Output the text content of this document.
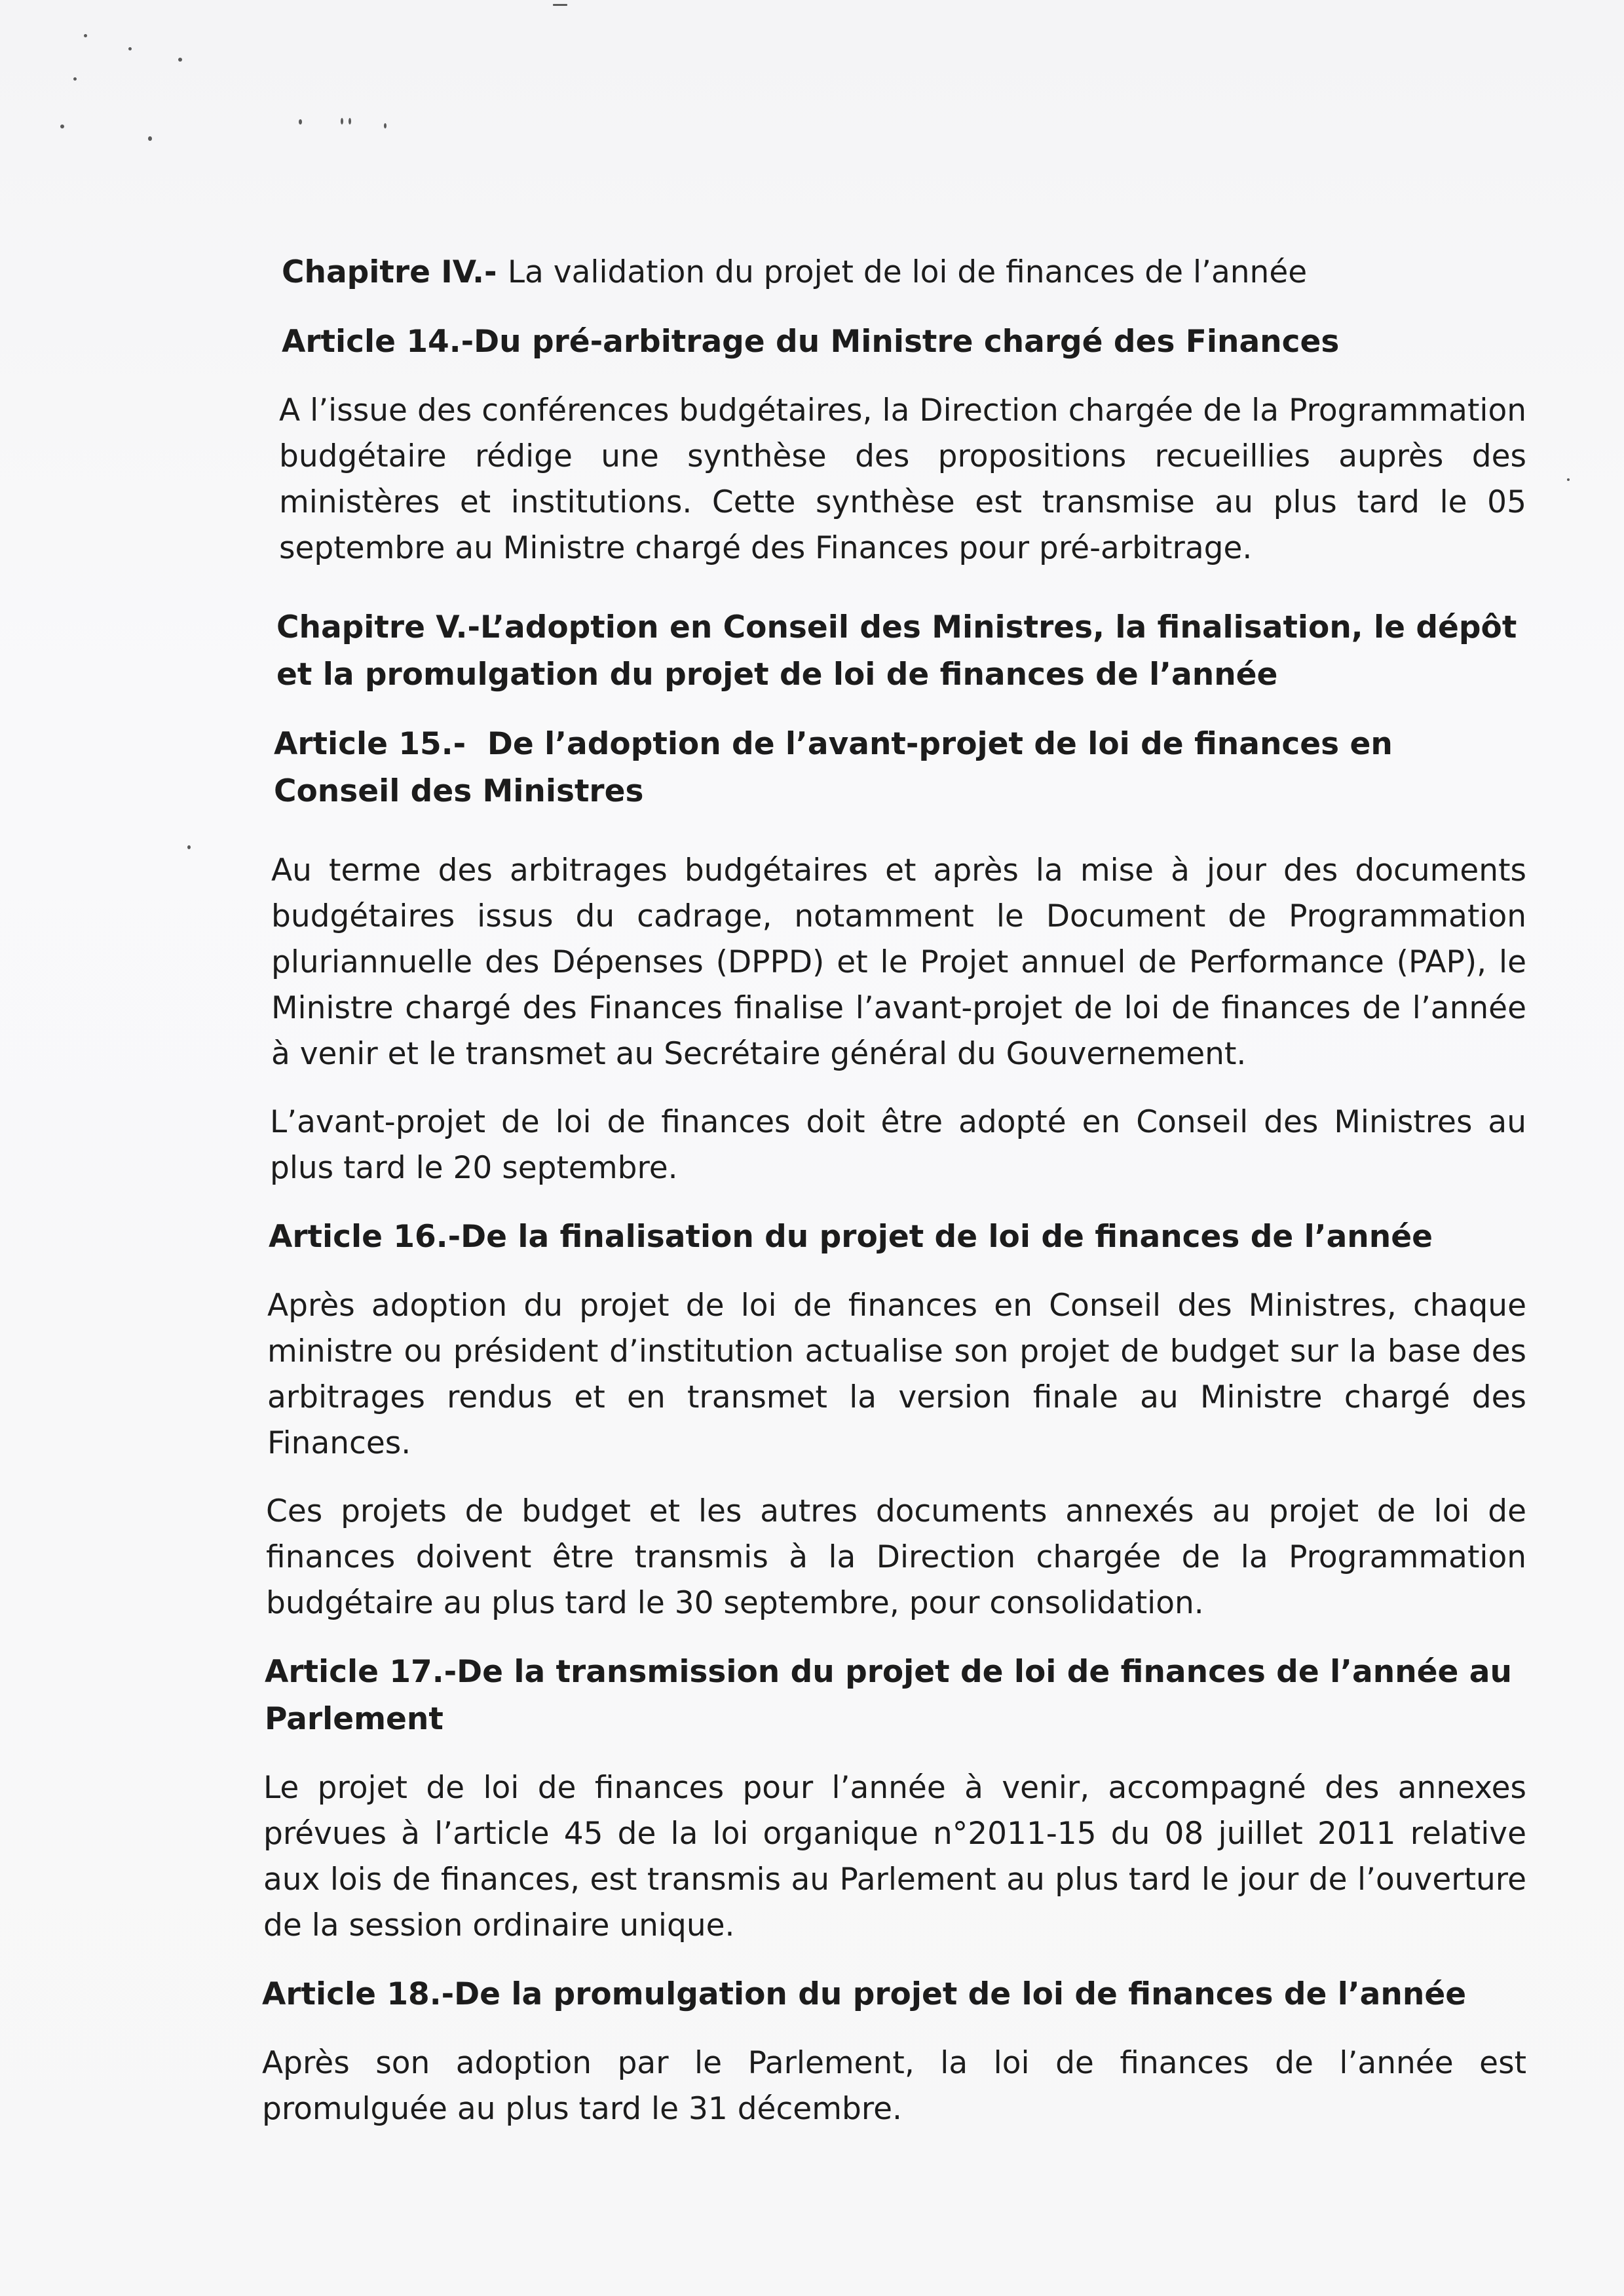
Chapitre IV.- La validation du projet de loi de finances de l’année

Article 14.-Du pré-arbitrage du Ministre chargé des Finances

A l’issue des conférences budgétaires, la Direction chargée de la Programmation budgétaire rédige une synthèse des propositions recueillies auprès des ministères et institutions. Cette synthèse est transmise au plus tard le 05 septembre au Ministre chargé des Finances pour pré-arbitrage.

Chapitre V.-L’adoption en Conseil des Ministres, la finalisation, le dépôt et la promulgation du projet de loi de finances de l’année

Article 15.- De l’adoption de l’avant-projet de loi de finances en Conseil des Ministres

Au terme des arbitrages budgétaires et après la mise à jour des documents budgétaires issus du cadrage, notamment le Document de Programmation pluriannuelle des Dépenses (DPPD) et le Projet annuel de Performance (PAP), le Ministre chargé des Finances finalise l’avant-projet de loi de finances de l’année à venir et le transmet au Secrétaire général du Gouvernement.

L’avant-projet de loi de finances doit être adopté en Conseil des Ministres au plus tard le 20 septembre.

Article 16.-De la finalisation du projet de loi de finances de l’année

Après adoption du projet de loi de finances en Conseil des Ministres, chaque ministre ou président d’institution actualise son projet de budget sur la base des arbitrages rendus et en transmet la version finale au Ministre chargé des Finances.

Ces projets de budget et les autres documents annexés au projet de loi de finances doivent être transmis à la Direction chargée de la Programmation budgétaire au plus tard le 30 septembre, pour consolidation.

Article 17.-De la transmission du projet de loi de finances de l’année au Parlement

Le projet de loi de finances pour l’année à venir, accompagné des annexes prévues à l’article 45 de la loi organique n°2011-15 du 08 juillet 2011 relative aux lois de finances, est transmis au Parlement au plus tard le jour de l’ouverture de la session ordinaire unique.

Article 18.-De la promulgation du projet de loi de finances de l’année

Après son adoption par le Parlement, la loi de finances de l’année est promulguée au plus tard le 31 décembre.
